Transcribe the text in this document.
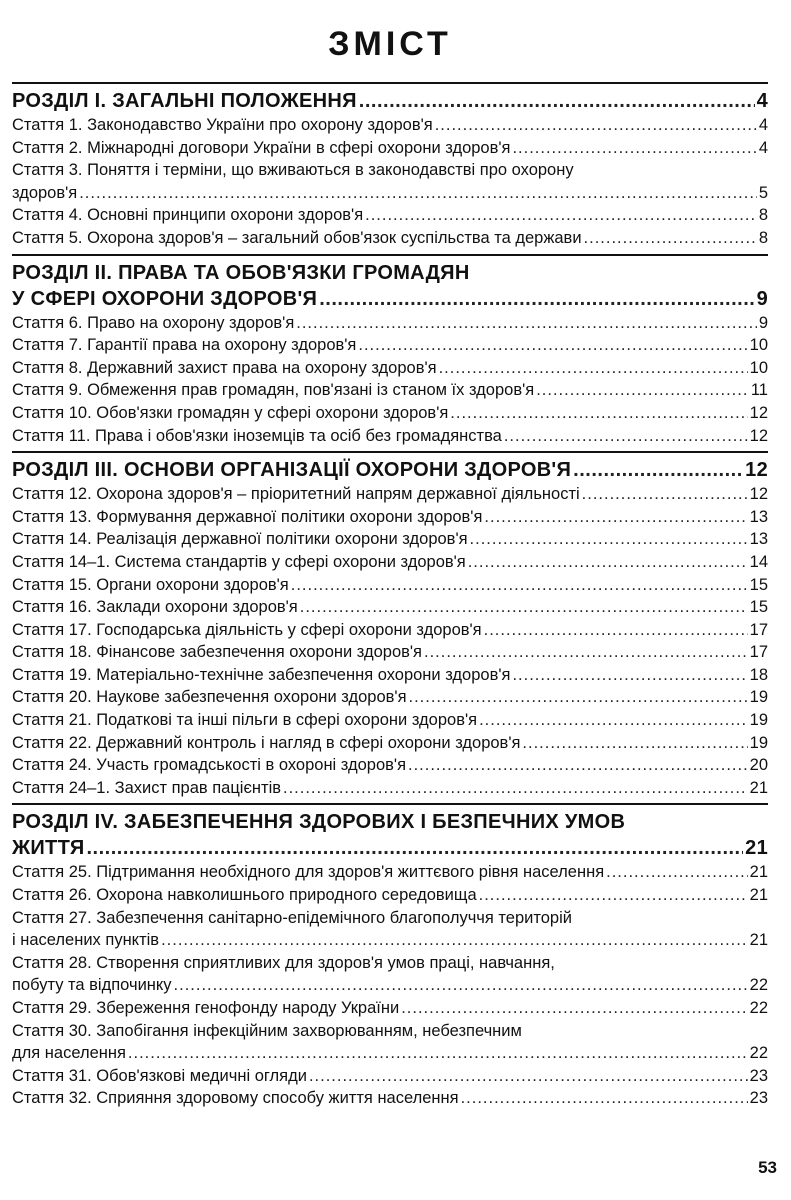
ЗМІСТ
РОЗДІЛ І. ЗАГАЛЬНІ ПОЛОЖЕННЯ .....	4
Стаття 1. Законодавство України про охорону здоров'я .....	4
Стаття 2. Міжнародні договори України в сфері охорони здоров'я .....	4
Стаття 3. Поняття і терміни, що вживаються в законодавстві про охорону
здоров'я .....	5
Стаття 4. Основні принципи охорони здоров'я .....	8
Стаття 5. Охорона здоров'я – загальний обов'язок суспільства та держави .....	8
РОЗДІЛ ІІ. ПРАВА ТА ОБОВ'ЯЗКИ ГРОМАДЯН
У СФЕРІ ОХОРОНИ ЗДОРОВ'Я .....	9
Стаття 6. Право на охорону здоров'я .....	9
Стаття 7. Гарантії права на охорону здоров'я .....	10
Стаття 8. Державний захист права на охорону здоров'я .....	10
Стаття 9. Обмеження прав громадян, пов'язані із станом їх здоров'я .....	11
Стаття 10. Обов'язки громадян у сфері охорони здоров'я .....	12
Стаття 11. Права і обов'язки іноземців та осіб без громадянства .....	12
РОЗДІЛ ІІІ. ОСНОВИ ОРГАНІЗАЦІЇ ОХОРОНИ ЗДОРОВ'Я .....	12
Стаття 12. Охорона здоров'я – пріоритетний напрям державної діяльності .....	12
Стаття 13. Формування державної політики охорони здоров'я .....	13
Стаття 14. Реалізація державної політики охорони здоров'я .....	13
Стаття 14–1. Система стандартів у сфері охорони здоров'я .....	14
Стаття 15. Органи охорони здоров'я .....	15
Стаття 16. Заклади охорони здоров'я .....	15
Стаття 17. Господарська діяльність у сфері охорони здоров'я .....	17
Стаття 18. Фінансове забезпечення охорони здоров'я .....	17
Стаття 19. Матеріально-технічне забезпечення охорони здоров'я .....	18
Стаття 20. Наукове забезпечення охорони здоров'я .....	19
Стаття 21. Податкові та інші пільги в сфері охорони здоров'я .....	19
Стаття 22. Державний контроль і нагляд в сфері охорони здоров'я .....	19
Стаття 24. Участь громадськості в охороні здоров'я .....	20
Стаття 24–1. Захист прав пацієнтів .....	21
РОЗДІЛ IV. ЗАБЕЗПЕЧЕННЯ ЗДОРОВИХ І БЕЗПЕЧНИХ УМОВ
ЖИТТЯ .....	21
Стаття 25. Підтримання необхідного для здоров'я життєвого рівня населення .....	21
Стаття 26. Охорона навколишнього природного середовища .....	21
Стаття 27. Забезпечення санітарно-епідемічного благополуччя територій
і населених пунктів .....	21
Стаття 28. Створення сприятливих для здоров'я умов праці, навчання,
побуту та відпочинку .....	22
Стаття 29. Збереження генофонду народу України .....	22
Стаття 30. Запобігання інфекційним захворюванням, небезпечним
для населення .....	22
Стаття 31. Обов'язкові медичні огляди .....	23
Стаття 32. Сприяння здоровому способу життя населення .....	23
53
